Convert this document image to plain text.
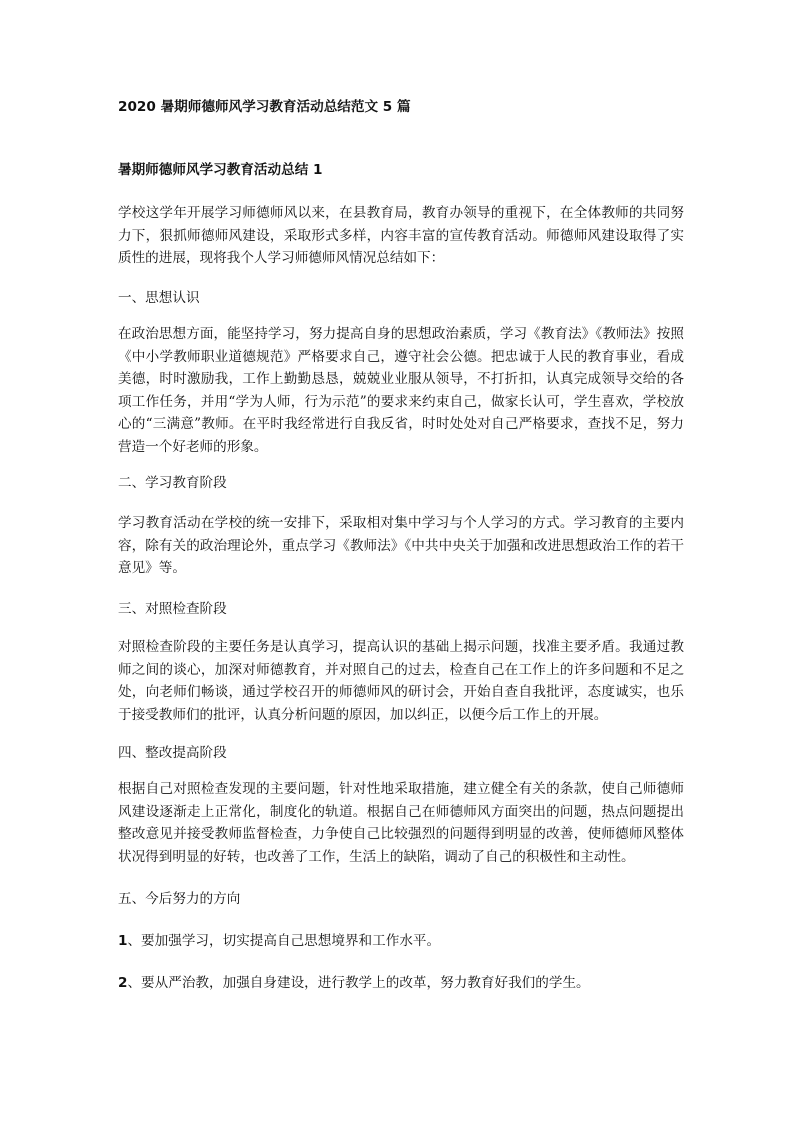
2020 暑期师德师风学习教育活动总结范文 5 篇

暑期师德师风学习教育活动总结 1

学校这学年开展学习师德师风以来，在县教育局，教育办领导的重视下，在全体教师的共同努力下，狠抓师德师风建设，采取形式多样，内容丰富的宣传教育活动。师德师风建设取得了实质性的进展，现将我个人学习师德师风情况总结如下：

一、思想认识

在政治思想方面，能坚持学习，努力提高自身的思想政治素质，学习《教育法》《教师法》按照《中小学教师职业道德规范》严格要求自己，遵守社会公德。把忠诚于人民的教育事业，看成美德，时时激励我，工作上勤勤恳恳，兢兢业业服从领导，不打折扣，认真完成领导交给的各项工作任务，并用“学为人师，行为示范”的要求来约束自己，做家长认可，学生喜欢，学校放心的“三满意”教师。在平时我经常进行自我反省，时时处处对自己严格要求，查找不足，努力营造一个好老师的形象。

二、学习教育阶段

学习教育活动在学校的统一安排下，采取相对集中学习与个人学习的方式。学习教育的主要内容，除有关的政治理论外，重点学习《教师法》《中共中央关于加强和改进思想政治工作的若干意见》等。

三、对照检查阶段

对照检查阶段的主要任务是认真学习，提高认识的基础上揭示问题，找准主要矛盾。我通过教师之间的谈心，加深对师德教育，并对照自己的过去，检查自己在工作上的许多问题和不足之处，向老师们畅谈，通过学校召开的师德师风的研讨会，开始自查自我批评，态度诚实，也乐于接受教师们的批评，认真分析问题的原因，加以纠正，以便今后工作上的开展。

四、整改提高阶段

根据自己对照检查发现的主要问题，针对性地采取措施，建立健全有关的条款，使自己师德师风建设逐渐走上正常化，制度化的轨道。根据自己在师德师风方面突出的问题，热点问题提出整改意见并接受教师监督检查，力争使自己比较强烈的问题得到明显的改善，使师德师风整体状况得到明显的好转，也改善了工作，生活上的缺陷，调动了自己的积极性和主动性。

五、今后努力的方向

1、要加强学习，切实提高自己思想境界和工作水平。

2、要从严治教，加强自身建设，进行教学上的改革，努力教育好我们的学生。
